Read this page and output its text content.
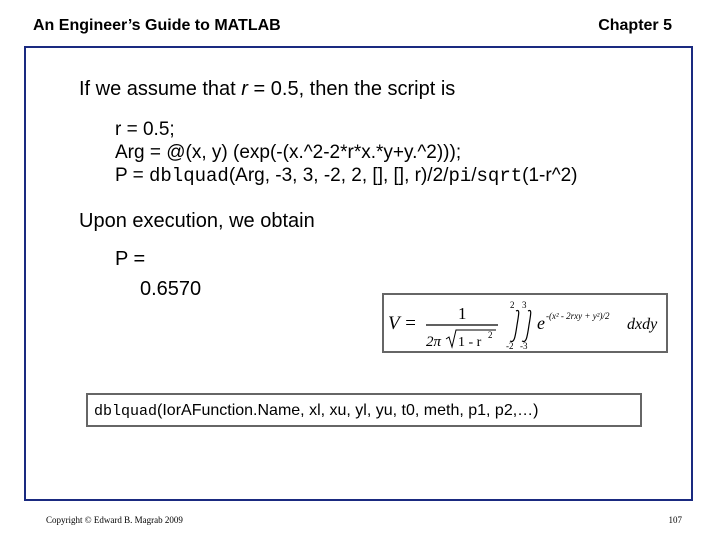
An Engineer’s Guide to MATLAB	Chapter 5
If we assume that r = 0.5, then the script is
r = 0.5;
Arg = @(x, y) (exp(-(x.^2-2*r*x.*y+y.^2)));
P = dblquad(Arg, -3, 3, -2, 2, [], [], r)/2/pi/sqrt(1-r^2)
Upon execution, we obtain
P =
0.6570
V = 1
2π 1 - r 2
2 3
-2 -3
e -(x² - 2rxy + y²)/2 dxdy
dblquad(IorAFunction.Name, xl, xu, yl, yu, t0, meth, p1, p2,…)
Copyright © Edward B. Magrab 2009	107
